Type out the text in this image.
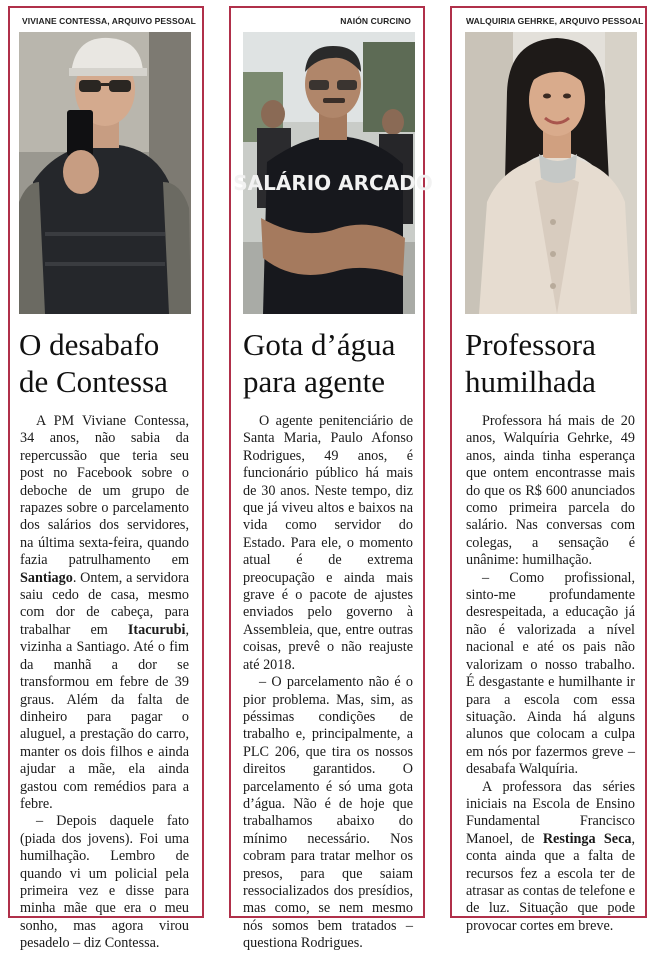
VIVIANE CONTESSA, ARQUIVO PESSOAL
O desabafo
de Contessa

A PM Viviane Contessa, 34 anos, não sabia da repercussão que teria seu post no Facebook sobre o deboche de um grupo de rapazes sobre o parcelamento dos salários dos servidores, na última sexta-feira, quando fazia patrulhamento em Santiago. Ontem, a servidora saiu cedo de casa, mesmo com dor de cabeça, para trabalhar em Itacurubi, vizinha a Santiago. Até o fim da manhã a dor se transformou em febre de 39 graus. Além da falta de dinheiro para pagar o aluguel, a prestação do carro, manter os dois filhos e ainda ajudar a mãe, ela ainda gastou com remédios para a febre.

– Depois daquele fato (piada dos jovens). Foi uma humilhação. Lembro de quando vi um policial pela primeira vez e disse para minha mãe que era o meu sonho, mas agora virou pesadelo – diz Contessa.

NAIÓN CURCINO
SALÁRIO ARCADO
Gota d’água
para agente

O agente penitenciário de Santa Maria, Paulo Afonso Rodrigues, 49 anos, é funcionário público há mais de 30 anos. Neste tempo, diz que já viveu altos e baixos na vida como servidor do Estado. Para ele, o momento atual é de extrema preocupação e ainda mais grave é o pacote de ajustes enviados pelo governo à Assembleia, que, entre outras coisas, prevê o não reajuste até 2018.

– O parcelamento não é o pior problema. Mas, sim, as péssimas condições de trabalho e, principalmente, a PLC 206, que tira os nossos direitos garantidos. O parcelamento é só uma gota d’água. Não é de hoje que trabalhamos abaixo do mínimo necessário. Nos cobram para tratar melhor os presos, para que saiam ressocializados dos presídios, mas como, se nem mesmo nós somos bem tratados – questiona Rodrigues.

WALQUIRIA GEHRKE, ARQUIVO PESSOAL
Professora
humilhada

Professora há mais de 20 anos, Walquíria Gehrke, 49 anos, ainda tinha esperança que ontem encontrasse mais do que os R$ 600 anunciados como primeira parcela do salário. Nas conversas com colegas, a sensação é unânime: humilhação.

– Como profissional, sinto-me profundamente desrespeitada, a educação já não é valorizada a nível nacional e até os pais não valorizam o nosso trabalho. É desgastante e humilhante ir para a escola com essa situação. Ainda há alguns alunos que colocam a culpa em nós por fazermos greve – desabafa Walquíria.

A professora das séries iniciais na Escola de Ensino Fundamental Francisco Manoel, de Restinga Seca, conta ainda que a falta de recursos fez a escola ter de atrasar as contas de telefone e de luz. Situação que pode provocar cortes em breve.
